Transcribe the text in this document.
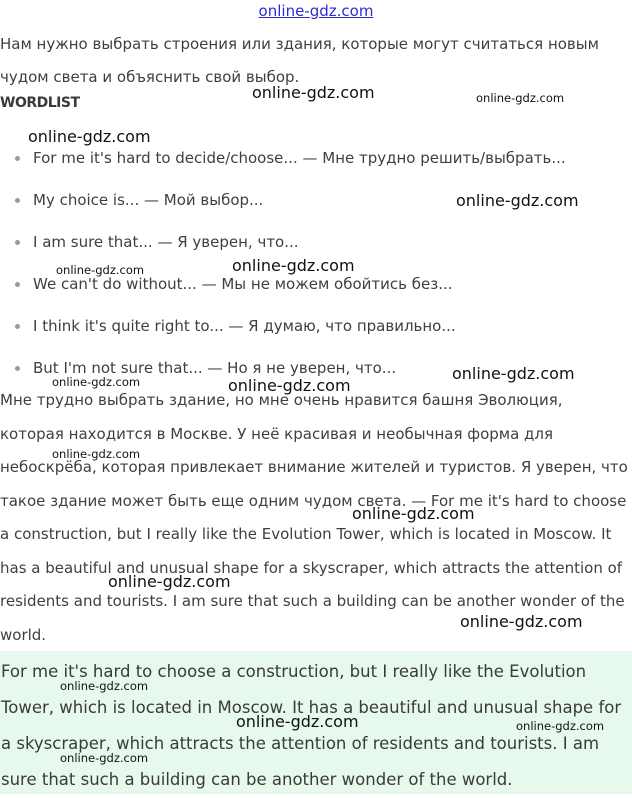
online-gdz.com
Нам нужно выбрать строения или здания, которые могут считаться новым чудом света и объяснить свой выбор.
WORDLIST
For me it's hard to decide/choose... — Мне трудно решить/выбрать...
My choice is... — Мой выбор...
I am sure that... — Я уверен, что...
We can't do without... — Мы не можем обойтись без...
I think it's quite right to... — Я думаю, что правильно...
But I'm not sure that... — Но я не уверен, что...
Мне трудно выбрать здание, но мне очень нравится башня Эволюция, которая находится в Москве. У неё красивая и необычная форма для небоскрёба, которая привлекает внимание жителей и туристов. Я уверен, что такое здание может быть еще одним чудом света. — For me it's hard to choose a construction, but I really like the Evolution Tower, which is located in Moscow. It has a beautiful and unusual shape for a skyscraper, which attracts the attention of residents and tourists. I am sure that such a building can be another wonder of the world.

For me it's hard to choose a construction, but I really like the Evolution Tower, which is located in Moscow. It has a beautiful and unusual shape for a skyscraper, which attracts the attention of residents and tourists. I am sure that such a building can be another wonder of the world.

online-gdz.com	online-gdz.com
online-gdz.com
online-gdz.com
online-gdz.com
online-gdz.com
online-gdz.com
online-gdz.com	online-gdz.com
online-gdz.com
online-gdz.com
online-gdz.com
online-gdz.com
online-gdz.com
online-gdz.com	online-gdz.com
online-gdz.com
